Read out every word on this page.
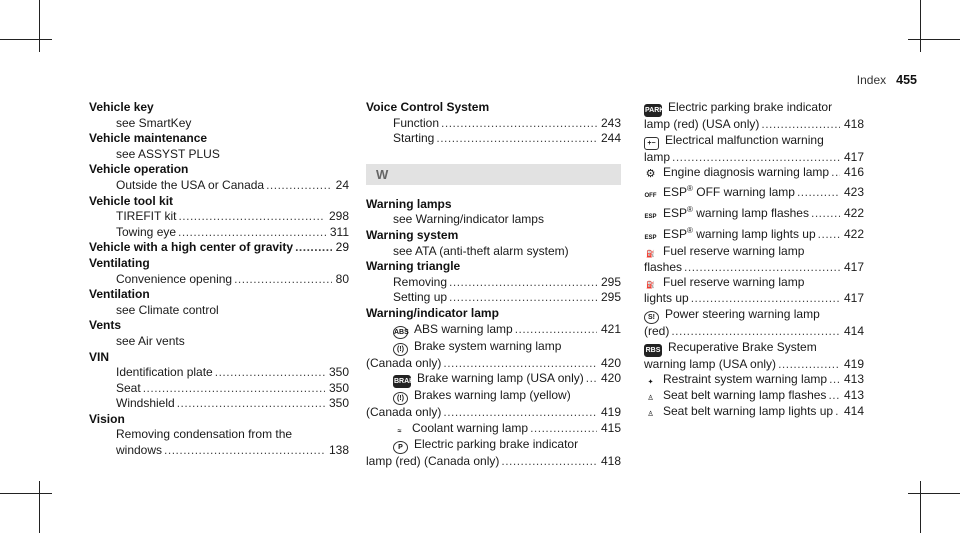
Index 455
Vehicle key
see SmartKey
Vehicle maintenance
see ASSYST PLUS
Vehicle operation
Outside the USA or Canada .....	24
Vehicle tool kit
TIREFIT kit .....	298
Towing eye .....	311
Vehicle with a high center of gravity .....	29
Ventilating
Convenience opening .....	80
Ventilation
see Climate control
Vents
see Air vents
VIN
Identification plate .....	350
Seat .....	350
Windshield .....	350
Vision
Removing condensation from the
windows .....	138
Voice Control System
Function .....	243
Starting .....	244
W
Warning lamps
see Warning/indicator lamps
Warning system
see ATA (anti-theft alarm system)
Warning triangle
Removing .....	295
Setting up .....	295
Warning/indicator lamp
ABS ABS warning lamp .....	421
(!) Brake system warning lamp
(Canada only) .....	420
BRAKEBrake warning lamp (USA only) ..... 420
(!) Brakes warning lamp (yellow)
(Canada only) .....	419
≈ Coolant warning lamp .....	415
P Electric parking brake indicator
lamp (red) (Canada only) .....	418
PARK Electric parking brake indicator
lamp (red) (USA only) .....	418
+− Electrical malfunction warning
lamp .....	417
⚙ Engine diagnosis warning lamp ..... 416
OFF ESP® OFF warning lamp .....	423
ESP ESP® warning lamp flashes .....	422
ESP ESP® warning lamp lights up ..... 422
⛽ Fuel reserve warning lamp
flashes .....	417
⛽ Fuel reserve warning lamp
lights up .....	417
S! Power steering warning lamp
(red) .....	414
RBS Recuperative Brake System
warning lamp (USA only) .....	419
✦ Restraint system warning lamp ..... 413
♙ Seat belt warning lamp flashes ..... 413
♙ Seat belt warning lamp lights up ..... 414
